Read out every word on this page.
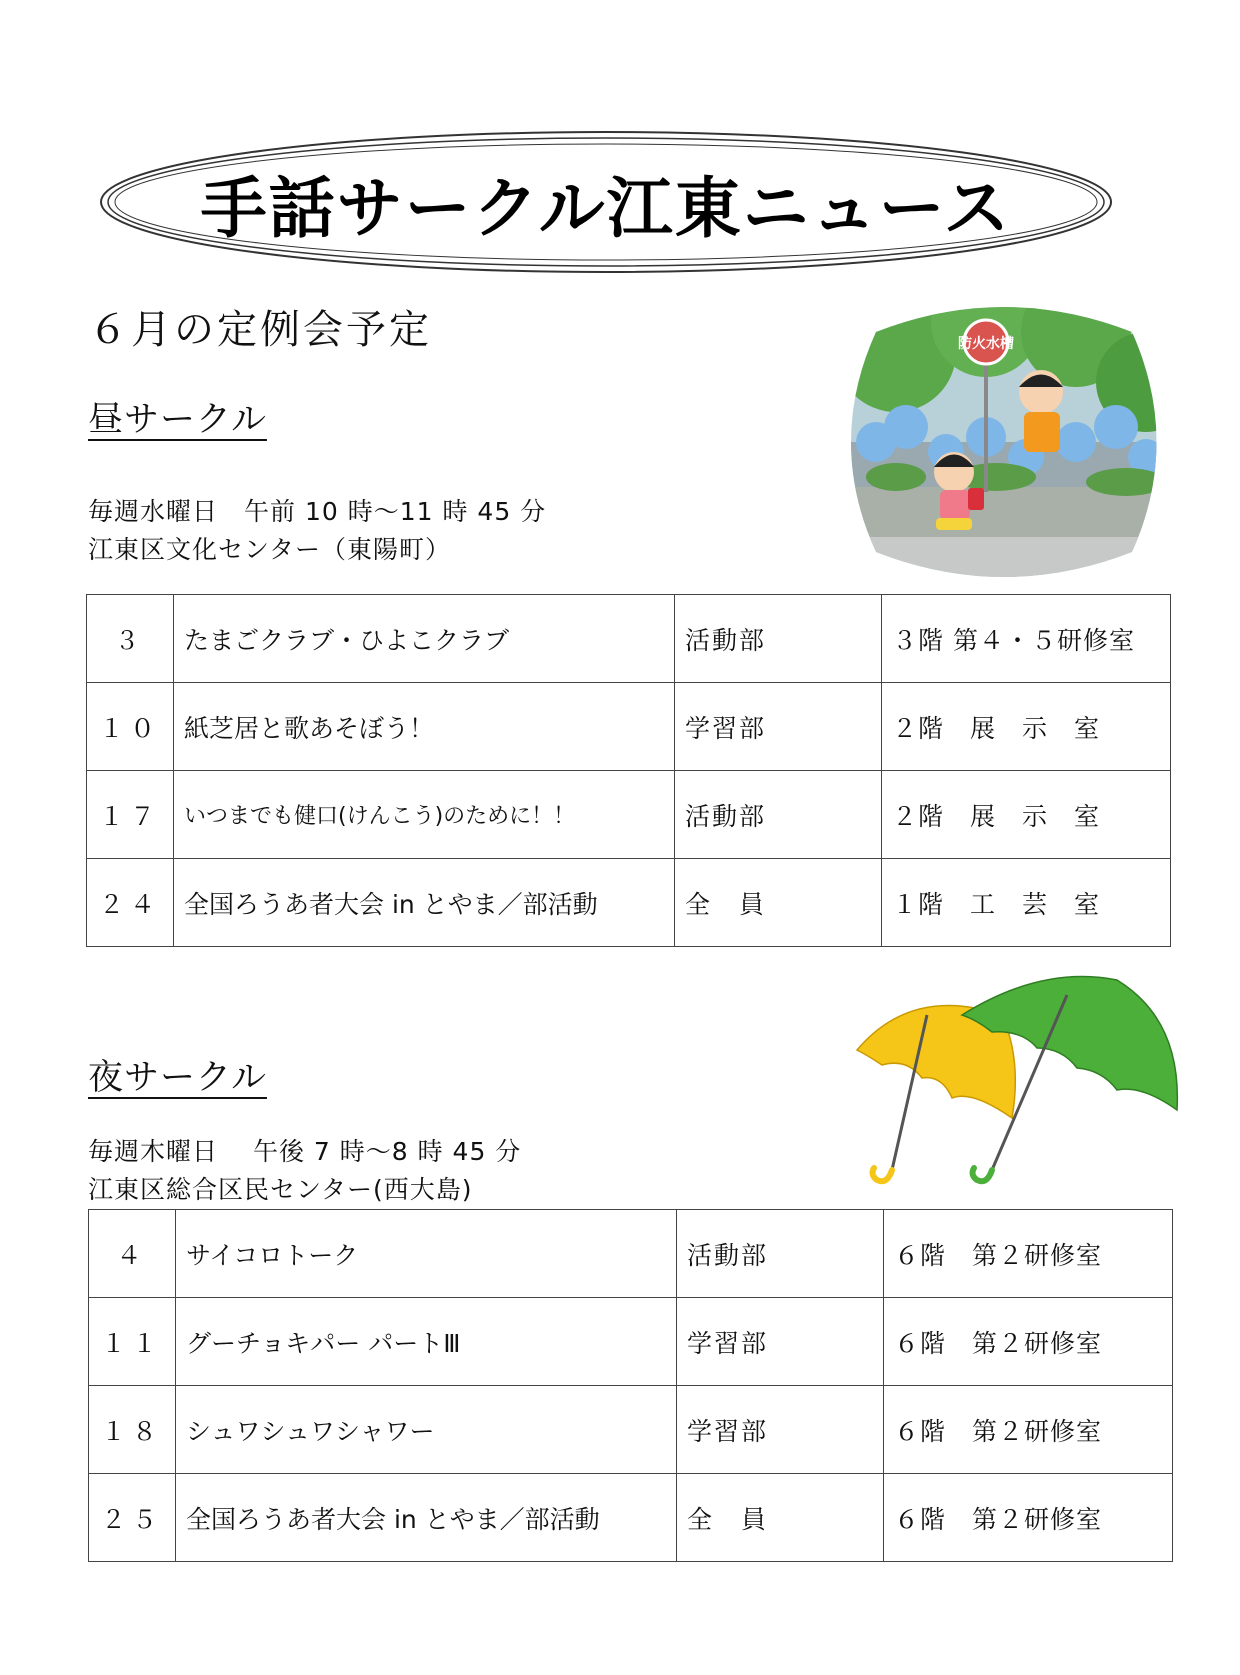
手話サークル江東ニュース
６月の定例会予定	防火水槽
昼サークル
毎週水曜日　午前 10 時～11 時 45 分
江東区文化センター（東陽町）
３	たまごクラブ・ひよこクラブ	活動部	３階 第４・５研修室
１０	紙芝居と歌あそぼう！	学習部	２階　展　示　室
１７	いつまでも健口(けんこう)のために！！	活動部	２階　展　示　室
２４	全国ろうあ者大会 in とやま／部活動	全　員	１階　工　芸　室
夜サークル
毎週木曜日　 午後 7 時～8 時 45 分
江東区総合区民センター(西大島)
４	サイコロトーク	活動部	６階　第２研修室
１１	グーチョキパー パートⅢ	学習部	６階　第２研修室
１８	シュワシュワシャワー	学習部	６階　第２研修室
２５	全国ろうあ者大会 in とやま／部活動	全　員	６階　第２研修室
